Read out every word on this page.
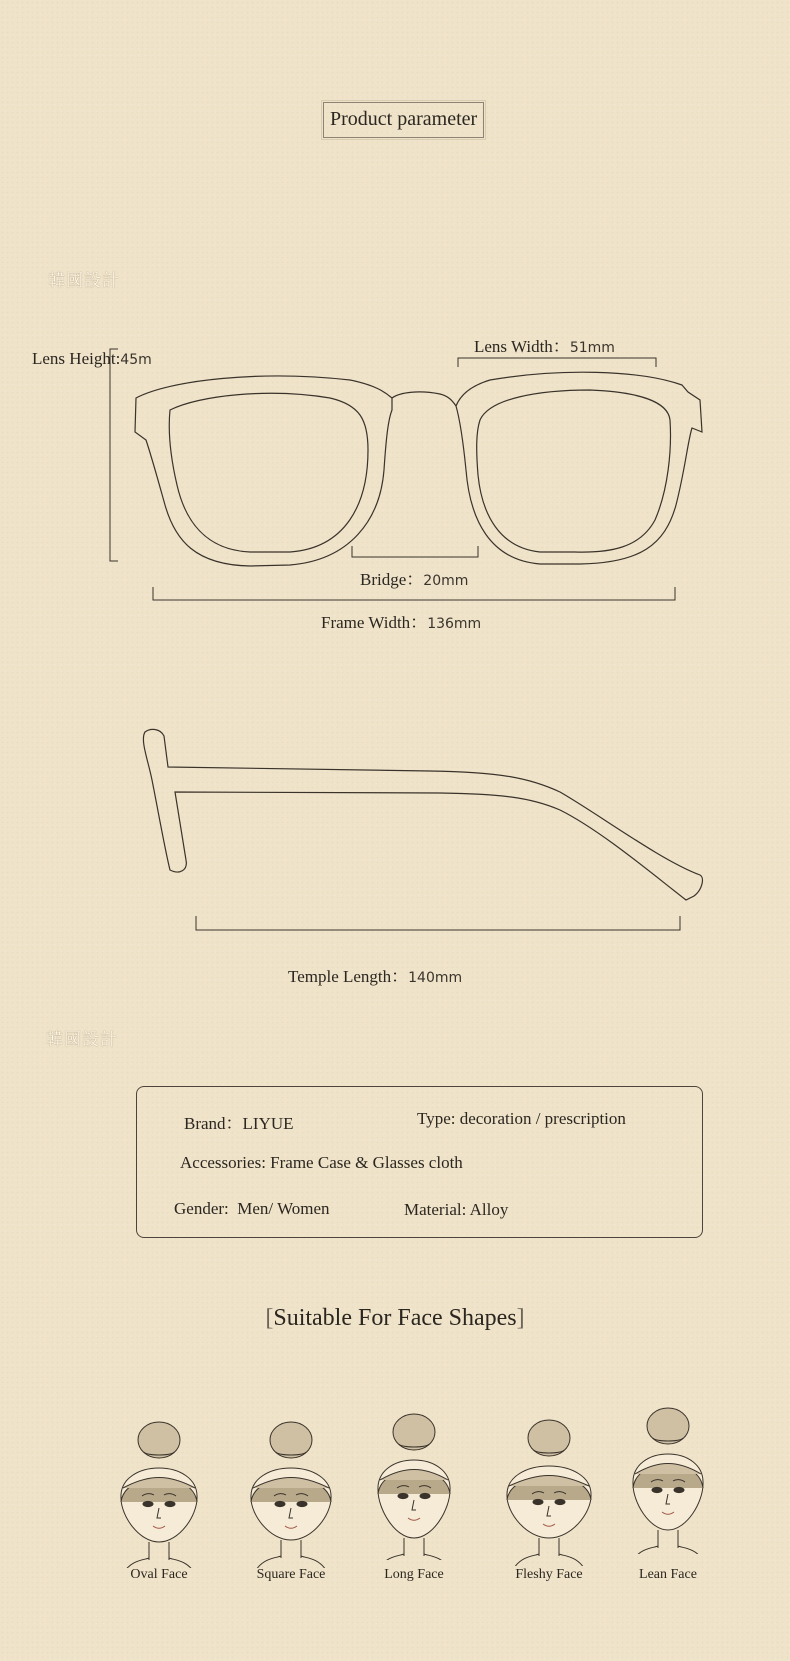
Product parameter
韓國設計
韓國設計
Lens Height:45m
Lens Width：51mm
Bridge：20mm
Frame Width：136mm
Temple Length：140mm
Brand：LIYUE	Type: decoration / prescription
Accessories: Frame Case & Glasses cloth
Gender: Men/ Women	Material: Alloy
[Suitable For Face Shapes]
Oval Face	Square Face	Long Face	Fleshy Face	Lean Face
